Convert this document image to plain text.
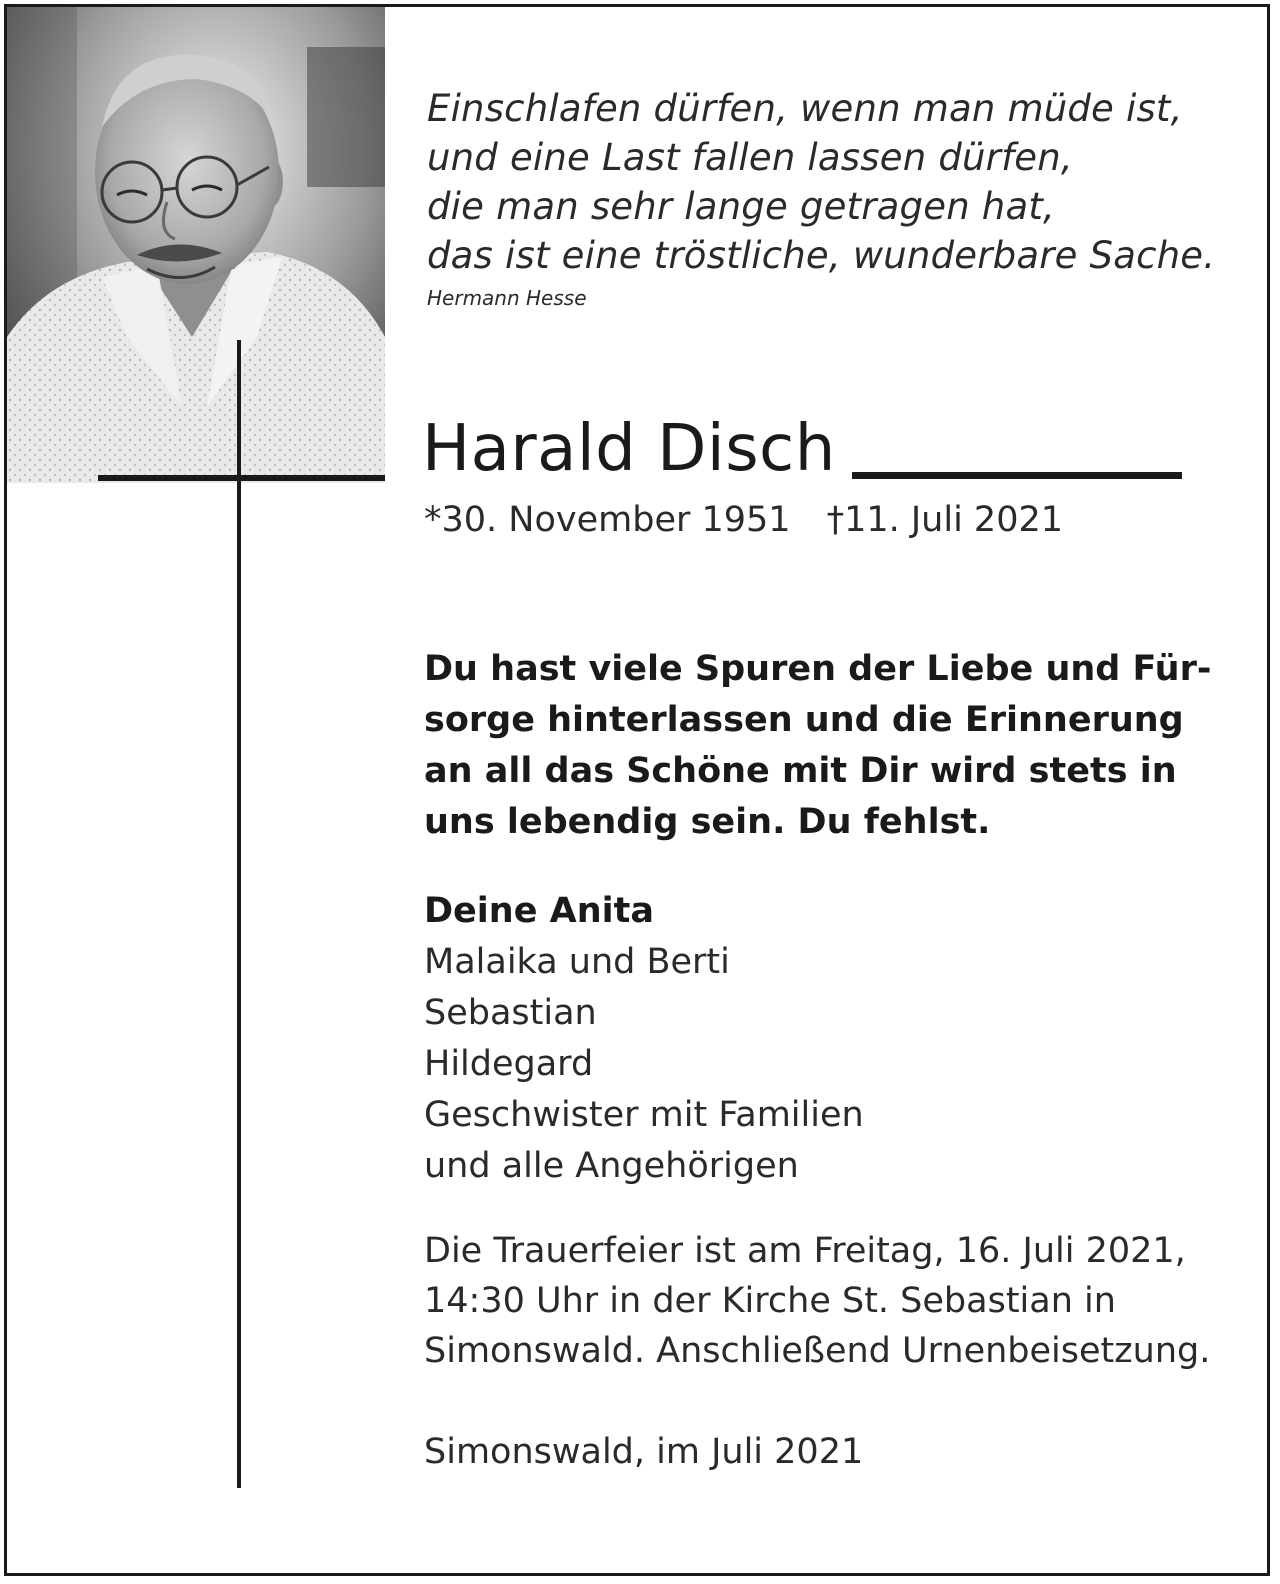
Einschlafen dürfen, wenn man müde ist,
und eine Last fallen lassen dürfen,
die man sehr lange getragen hat,
das ist eine tröstliche, wunderbare Sache.
Hermann Hesse
Harald Disch
*30. November 1951 †11. Juli 2021
Du hast viele Spuren der Liebe und Für-
sorge hinterlassen und die Erinnerung
an all das Schöne mit Dir wird stets in
uns lebendig sein. Du fehlst.
Deine Anita
Malaika und Berti
Sebastian
Hildegard
Geschwister mit Familien
und alle Angehörigen
Die Trauerfeier ist am Freitag, 16. Juli 2021,
14:30 Uhr in der Kirche St. Sebastian in
Simonswald. Anschließend Urnenbeisetzung.
Simonswald, im Juli 2021
